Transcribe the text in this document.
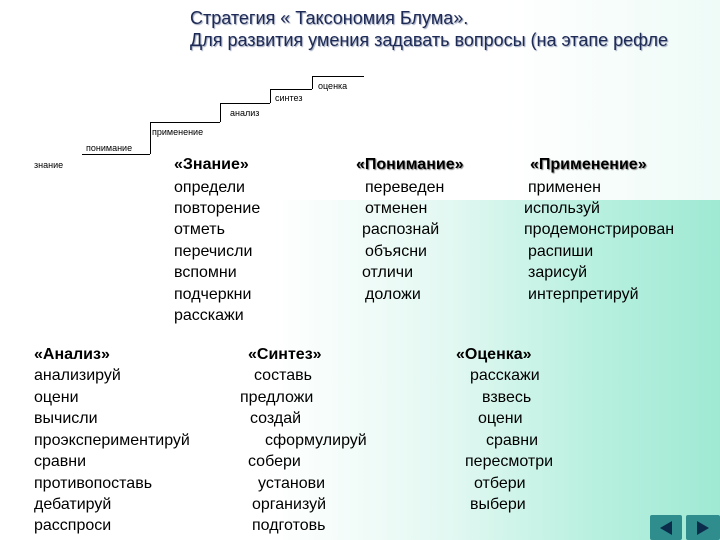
Стратегия « Таксономия Блума».
Для развития умения задавать вопросы (на этапе рефле
знание
понимание
применение
анализ
синтез
оценка
«Знание»
определи
повторение
отметь
перечисли
вспомни
подчеркни
расскажи
«Понимание»
переведен
отменен
распознай
объясни
отличи
доложи
«Применение»
применен
используй
продемонстрирован
распиши
зарисуй
интерпретируй
«Анализ»
анализируй
оцени
вычисли
проэкспериментируй
сравни
противопоставь
дебатируй
расспроси
«Синтез»
составь
предложи
создай
сформулируй
собери
установи
организуй
подготовь
«Оценка»
расскажи
взвесь
оцени
сравни
пересмотри
отбери
выбери
